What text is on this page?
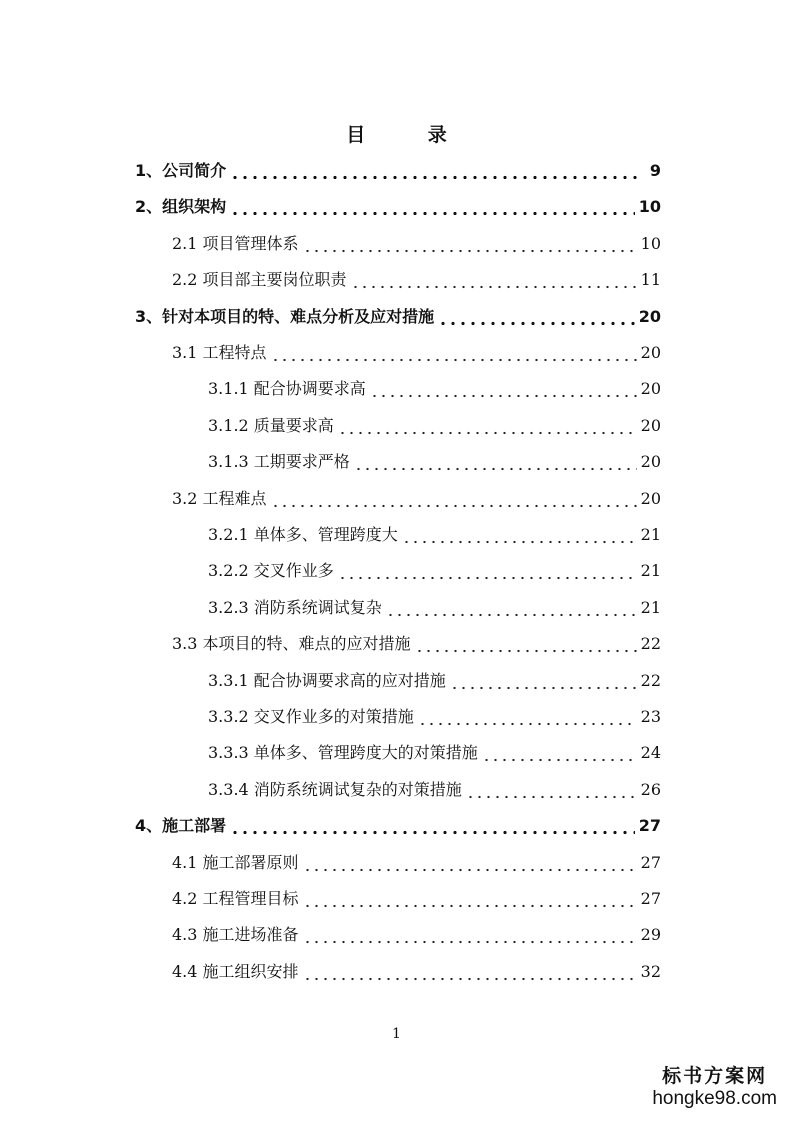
目 录
1、公司简介	9
2、组织架构	10
2.1 项目管理体系	10
2.2 项目部主要岗位职责	11
3、针对本项目的特、难点分析及应对措施	20
3.1 工程特点	20
3.1.1 配合协调要求高	20
3.1.2 质量要求高	20
3.1.3 工期要求严格	20
3.2 工程难点	20
3.2.1 单体多、管理跨度大	21
3.2.2 交叉作业多	21
3.2.3 消防系统调试复杂	21
3.3 本项目的特、难点的应对措施	22
3.3.1 配合协调要求高的应对措施	22
3.3.2 交叉作业多的对策措施	23
3.3.3 单体多、管理跨度大的对策措施	24
3.3.4 消防系统调试复杂的对策措施	26
4、施工部署	27
4.1 施工部署原则	27
4.2 工程管理目标	27
4.3 施工进场准备	29
4.4 施工组织安排	32
1
标书方案网
hongke98.com
